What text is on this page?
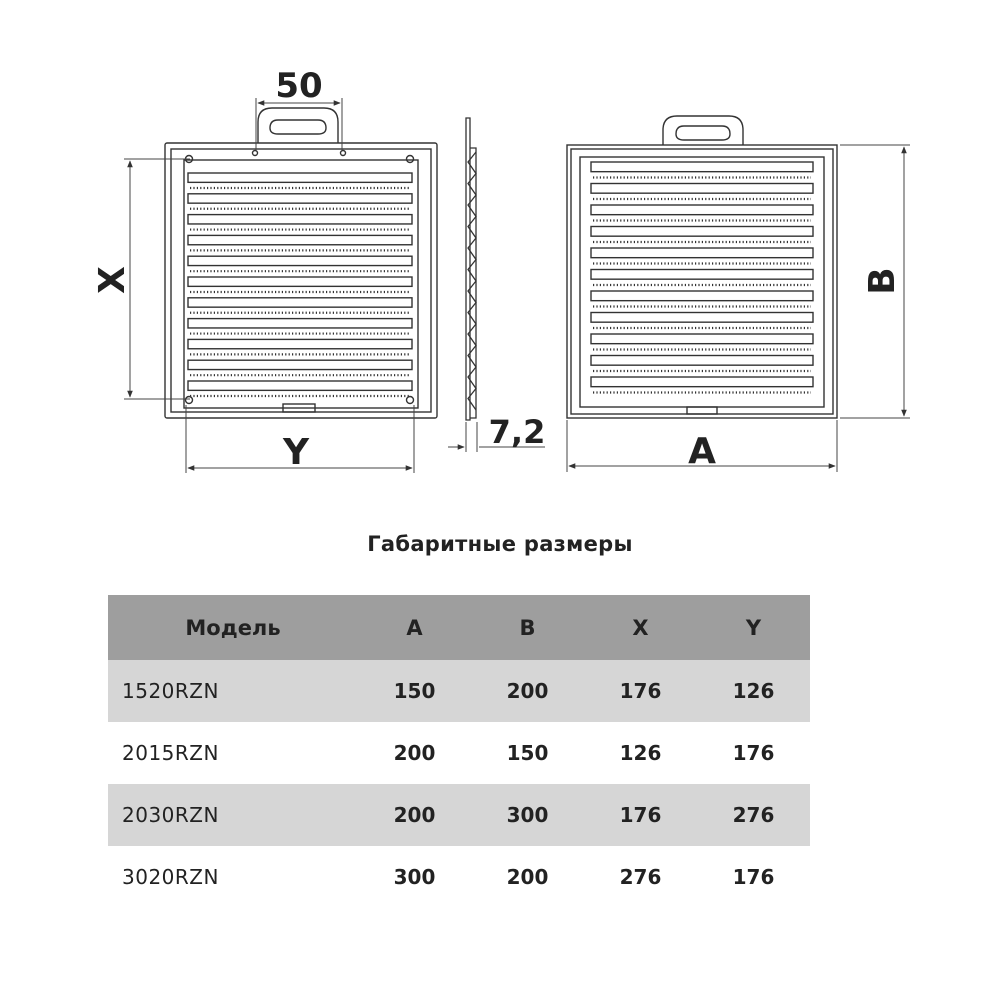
50
X
Y	7,2	A
B
Габаритные размеры
Модель	A	B	X	Y
1520RZN	150	200	176	126
2015RZN	200	150	126	176
2030RZN	200	300	176	276
3020RZN	300	200	276	176
